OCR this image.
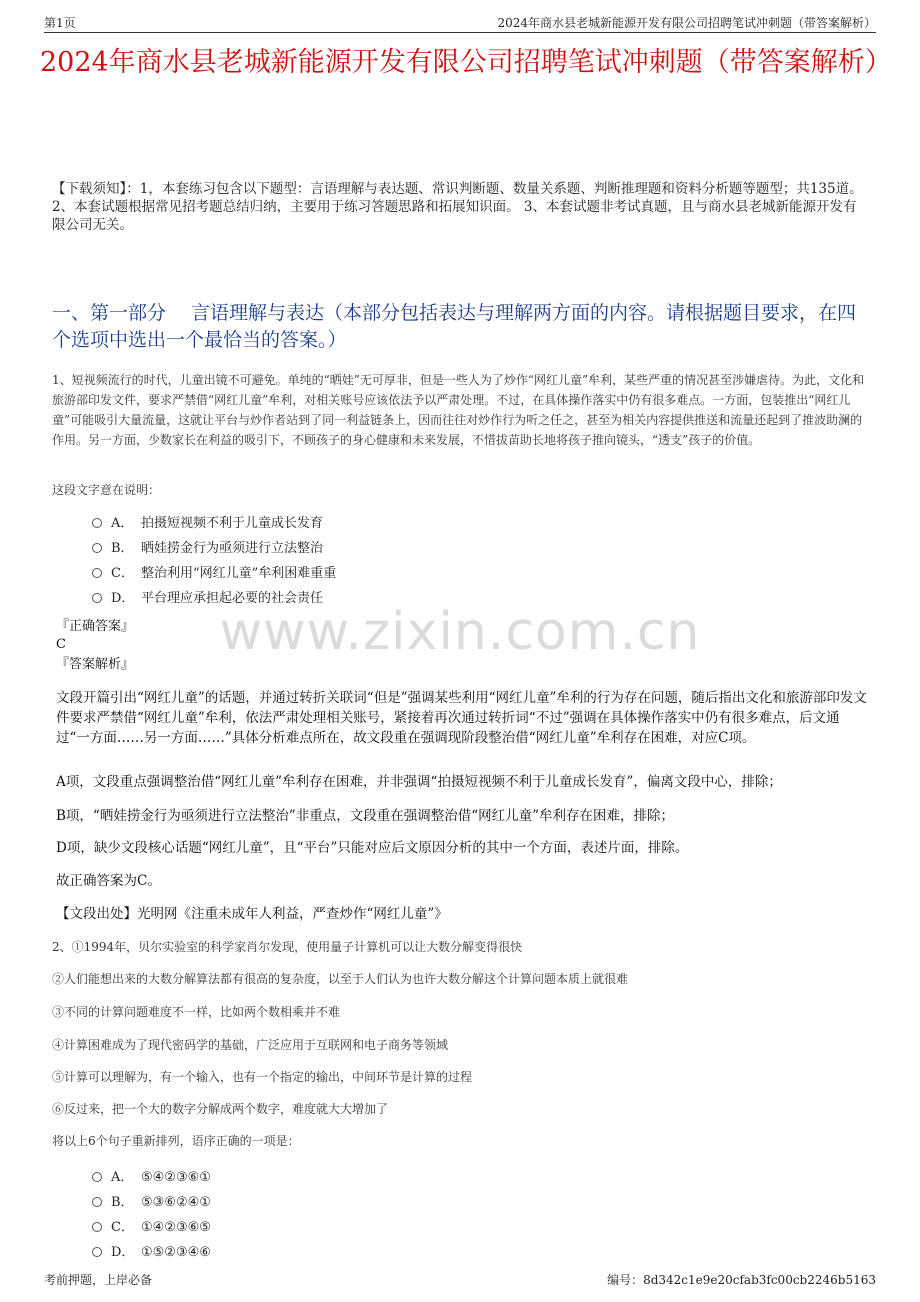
第1页	2024年商水县老城新能源开发有限公司招聘笔试冲刺题（带答案解析）
2024年商水县老城新能源开发有限公司招聘笔试冲刺题（带答案解析）
【下载须知】：1，本套练习包含以下题型：言语理解与表达题、常识判断题、数量关系题、判断推理题和资料分析题等题型；共135道。 2、本套试题根据常见招考题总结归纳，主要用于练习答题思路和拓展知识面。 3、本套试题非考试真题，且与商水县老城新能源开发有限公司无关。
一、第一部分　 言语理解与表达（本部分包括表达与理解两方面的内容。请根据题目要求，在四个选项中选出一个最恰当的答案。）
1、短视频流行的时代，儿童出镜不可避免。单纯的“晒娃”无可厚非，但是一些人为了炒作“网红儿童”牟利，某些严重的情况甚至涉嫌虐待。为此，文化和旅游部印发文件，要求严禁借“网红儿童”牟利，对相关账号应该依法予以严肃处理。不过，在具体操作落实中仍有很多难点。一方面，包装推出“网红儿童”可能吸引大量流量，这就让平台与炒作者站到了同一利益链条上，因而往往对炒作行为听之任之，甚至为相关内容提供推送和流量还起到了推波助澜的作用。另一方面，少数家长在利益的吸引下，不顾孩子的身心健康和未来发展，不惜拔苗助长地将孩子推向镜头，“透支”孩子的价值。
这段文字意在说明：
A． 拍摄短视频不利于儿童成长发育
B． 晒娃捞金行为亟须进行立法整治
C． 整治利用“网红儿童”牟利困难重重
D． 平台理应承担起必要的社会责任
www.zixin.com.cn
『正确答案』
C
『答案解析』
文段开篇引出“网红儿童”的话题，并通过转折关联词“但是”强调某些利用“网红儿童”牟利的行为存在问题，随后指出文化和旅游部印发文件要求严禁借“网红儿童”牟利，依法严肃处理相关账号，紧接着再次通过转折词“不过”强调在具体操作落实中仍有很多难点，后文通过“一方面……另一方面……”具体分析难点所在，故文段重在强调现阶段整治借“网红儿童”牟利存在困难，对应C项。
A项，文段重点强调整治借“网红儿童”牟利存在困难，并非强调“拍摄短视频不利于儿童成长发育”，偏离文段中心，排除；
B项，“晒娃捞金行为亟须进行立法整治”非重点，文段重在强调整治借“网红儿童”牟利存在困难，排除；
D项，缺少文段核心话题“网红儿童”，且“平台”只能对应后文原因分析的其中一个方面，表述片面，排除。
故正确答案为C。
【文段出处】光明网《注重未成年人利益，严查炒作“网红儿童”》
2、①1994年，贝尔实验室的科学家肖尔发现，使用量子计算机可以让大数分解变得很快
②人们能想出来的大数分解算法都有很高的复杂度，以至于人们认为也许大数分解这个计算问题本质上就很难
③不同的计算问题难度不一样，比如两个数相乘并不难
④计算困难成为了现代密码学的基础，广泛应用于互联网和电子商务等领域
⑤计算可以理解为，有一个输入，也有一个指定的输出，中间环节是计算的过程
⑥反过来，把一个大的数字分解成两个数字，难度就大大增加了
将以上6个句子重新排列，语序正确的一项是：
A． ⑤④②③⑥①
B． ⑤③⑥②④①
C． ①④②③⑥⑤
D． ①⑤②③④⑥
考前押题，上岸必备	编号：8d342c1e9e20cfab3fc00cb2246b5163
